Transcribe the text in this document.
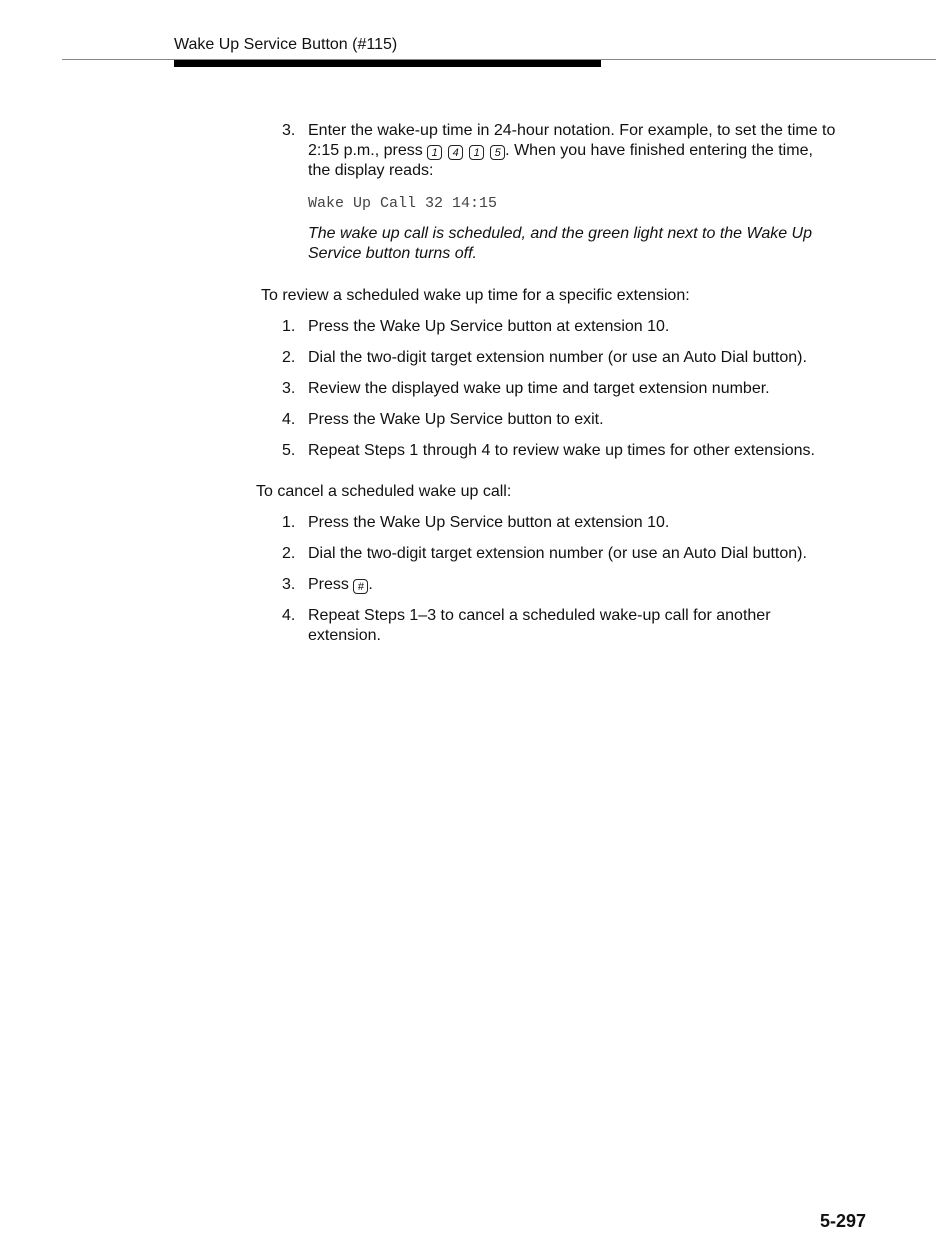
Wake Up Service Button (#115)
3. Enter the wake-up time in 24-hour notation. For example, to set the time to
2:15 p.m., press 1 4 1 5 . When you have finished entering the time,
the display reads:
Wake Up Call 32 14:15
The wake up call is scheduled, and the green light next to the Wake Up Service button turns off.
To review a scheduled wake up time for a specific extension:
1. Press the Wake Up Service button at extension 10.
2. Dial the two-digit target extension number (or use an Auto Dial button).
3. Review the displayed wake up time and target extension number.
4. Press the Wake Up Service button to exit.
5. Repeat Steps 1 through 4 to review wake up times for other extensions.
To cancel a scheduled wake up call:
1. Press the Wake Up Service button at extension 10.
2. Dial the two-digit target extension number (or use an Auto Dial button).
3. Press # .
4. Repeat Steps 1–3 to cancel a scheduled wake-up call for another extension.
5-297
